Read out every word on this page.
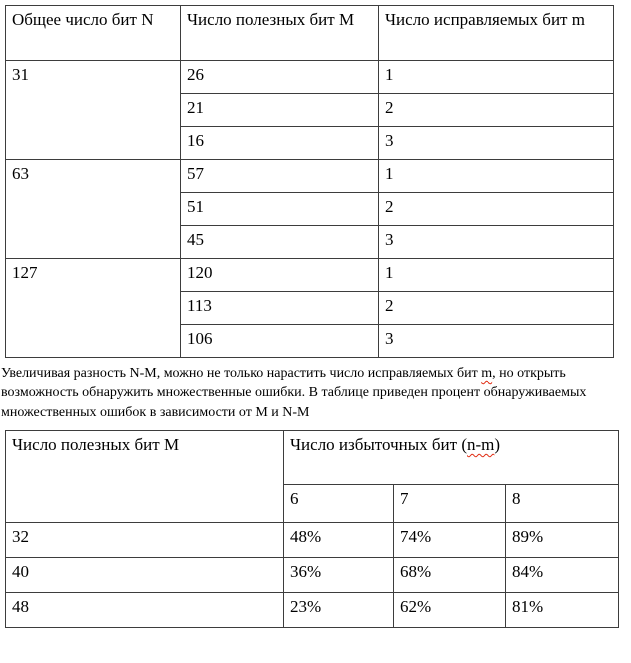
Общее число бит N	Число полезных бит M	Число исправляемых бит m
31	26	1
	21	2
	16	3
63	57	1
	51	2
	45	3
127	120	1
	113	2
	106	3

Увеличивая разность N-M, можно не только нарастить число исправляемых бит m, но открыть возможность обнаружить множественные ошибки. В таблице приведен процент обнаруживаемых множественных ошибок в зависимости от M и N-M

Число полезных бит M	Число избыточных бит (n-m)		
	6	7	8
32	48%	74%	89%
40	36%	68%	84%
48	23%	62%	81%
